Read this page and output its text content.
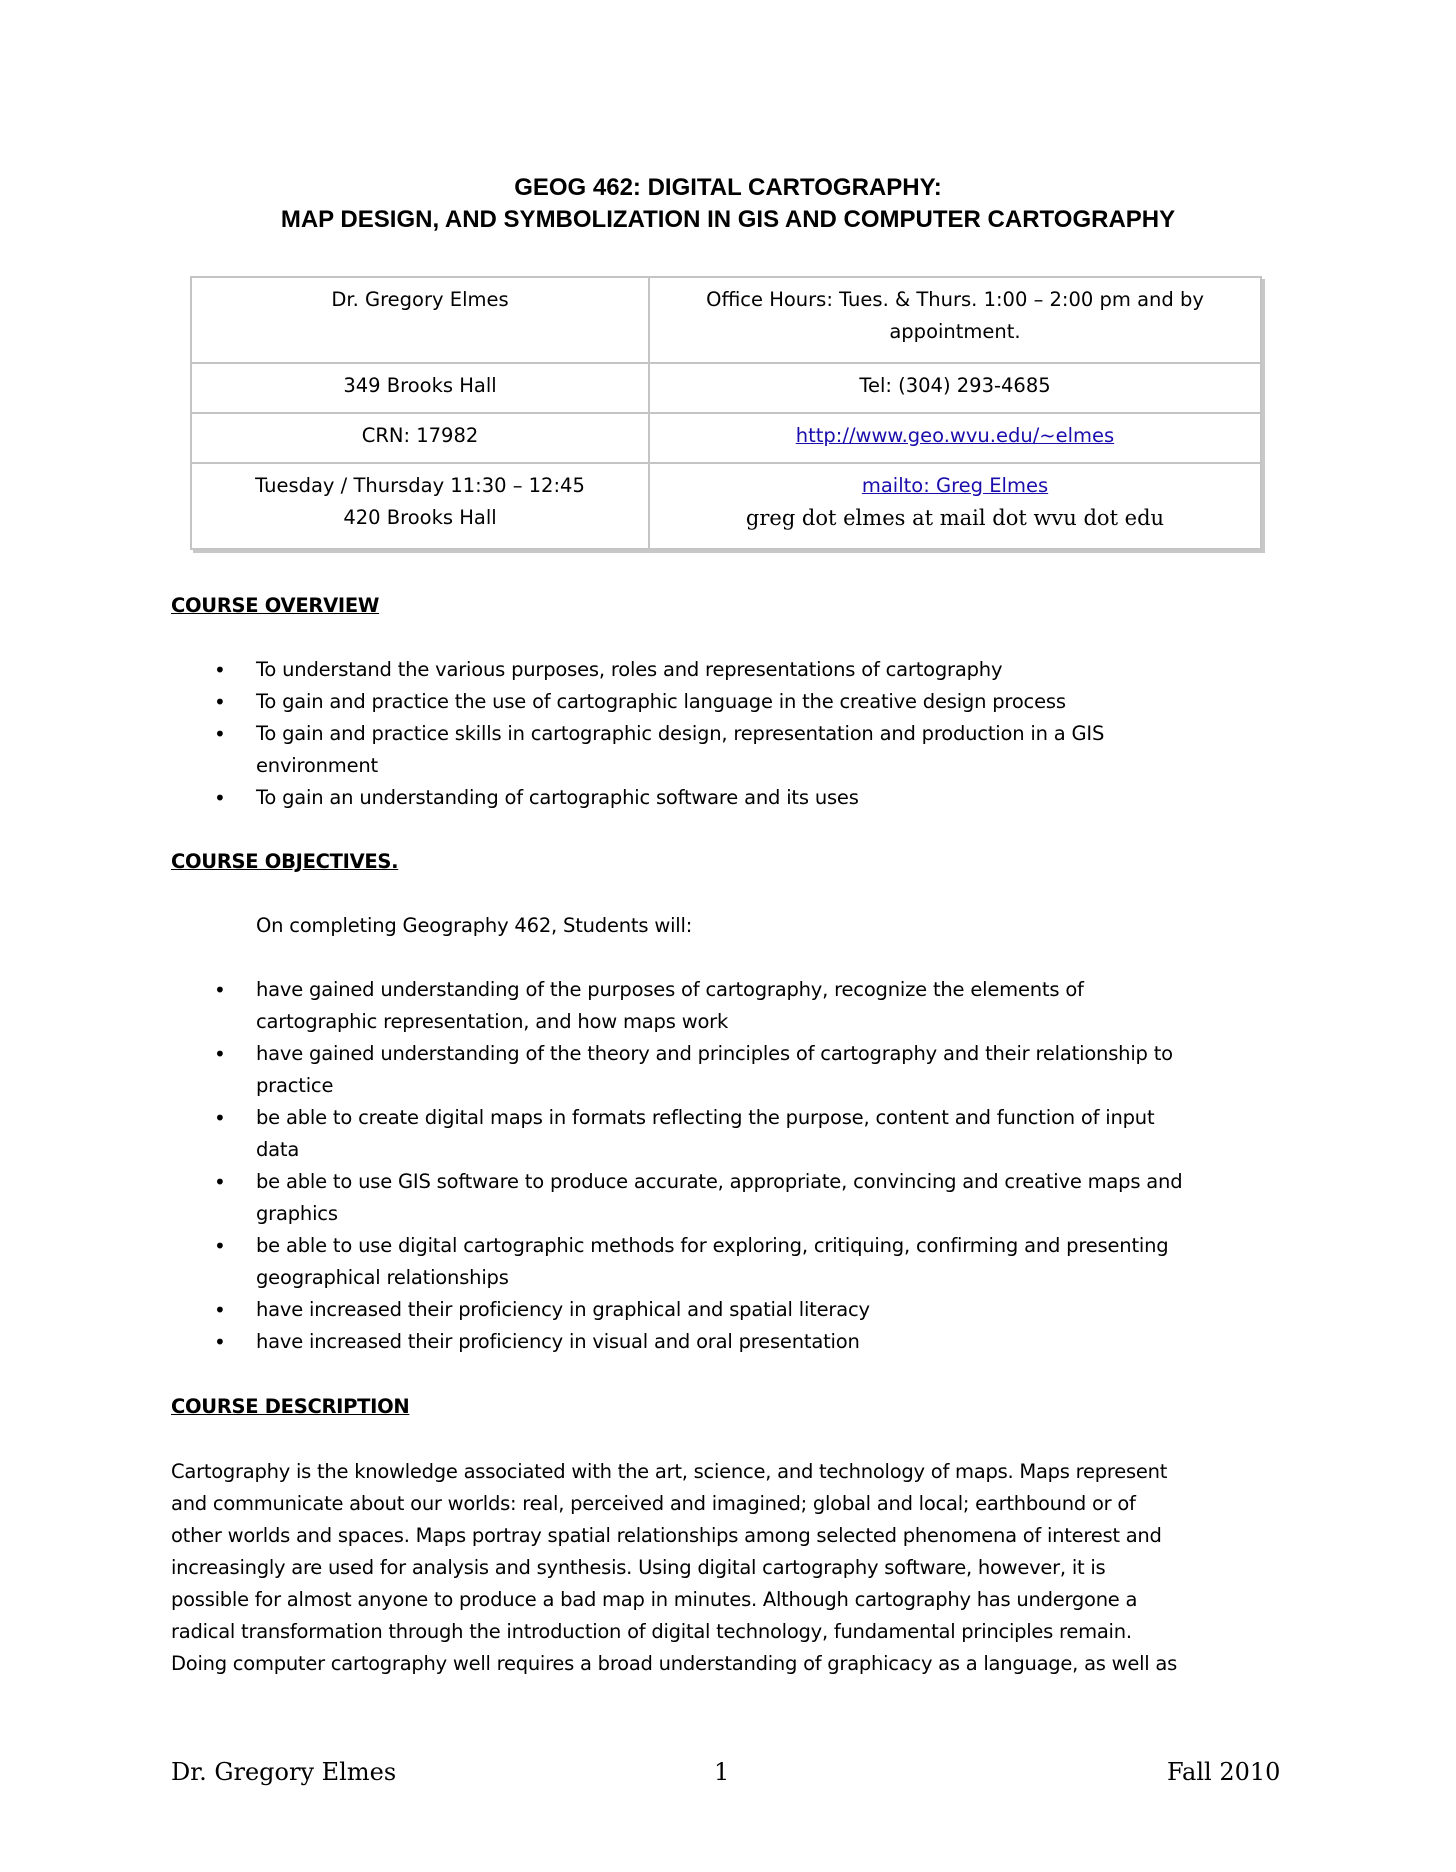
GEOG 462: DIGITAL CARTOGRAPHY:
MAP DESIGN, AND SYMBOLIZATION IN GIS AND COMPUTER CARTOGRAPHY
Dr. Gregory Elmes	Office Hours: Tues. & Thurs. 1:00 – 2:00 pm and by
appointment.
349 Brooks Hall	Tel: (304) 293-4685
CRN: 17982	http://www.geo.wvu.edu/~elmes

Tuesday / Thursday 11:30 – 12:45
420 Brooks Hall	mailto: Greg Elmes
greg dot elmes at mail dot wvu dot edu
COURSE OVERVIEW
• To understand the various purposes, roles and representations of cartography
• To gain and practice the use of cartographic language in the creative design process
• To gain and practice skills in cartographic design, representation and production in a GIS
environment
• To gain an understanding of cartographic software and its uses
COURSE OBJECTIVES.
On completing Geography 462, Students will:
• have gained understanding of the purposes of cartography, recognize the elements of
cartographic representation, and how maps work
• have gained understanding of the theory and principles of cartography and their relationship to
practice
• be able to create digital maps in formats reflecting the purpose, content and function of input
data
• be able to use GIS software to produce accurate, appropriate, convincing and creative maps and
graphics
• be able to use digital cartographic methods for exploring, critiquing, confirming and presenting
geographical relationships
• have increased their proficiency in graphical and spatial literacy
• have increased their proficiency in visual and oral presentation
COURSE DESCRIPTION

Cartography is the knowledge associated with the art, science, and technology of maps. Maps represent
and communicate about our worlds: real, perceived and imagined; global and local; earthbound or of
other worlds and spaces. Maps portray spatial relationships among selected phenomena of interest and
increasingly are used for analysis and synthesis. Using digital cartography software, however, it is
possible for almost anyone to produce a bad map in minutes. Although cartography has undergone a
radical transformation through the introduction of digital technology, fundamental principles remain.
Doing computer cartography well requires a broad understanding of graphicacy as a language, as well as

Dr. Gregory Elmes	1	Fall 2010
